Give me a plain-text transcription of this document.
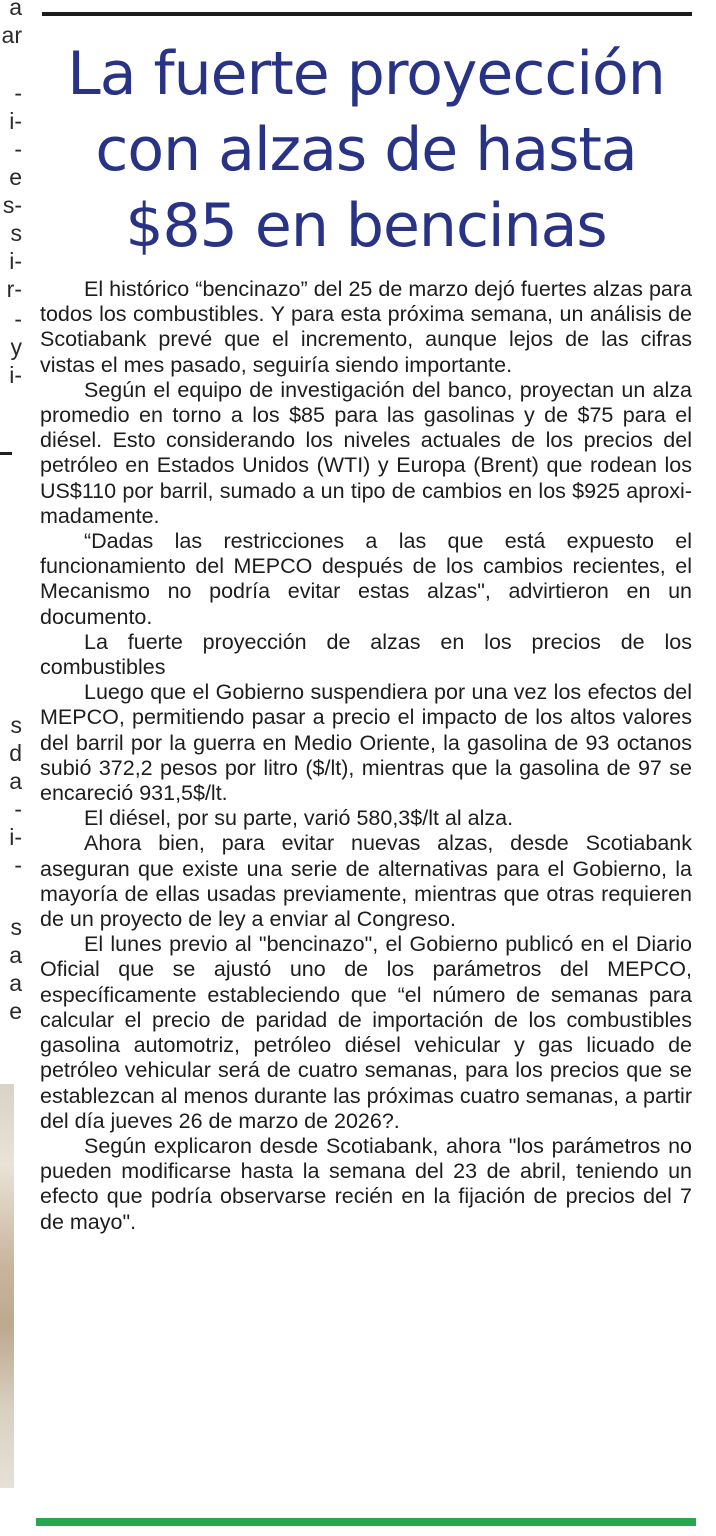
a
ar
-
i-
-
e
s-
s
i-
r-
-
y
i-
s
d
a
-
i-
-
s
a
a
e
La fuerte proyección
con alzas de hasta
$85 en bencinas

El histórico “bencinazo” del 25 de marzo dejó fuertes alzas para todos los combustibles. Y para esta próxima semana, un análisis de Scotiabank prevé que el incremento, aunque lejos de las cifras vistas el mes pasado, seguiría siendo importante.

Según el equipo de investigación del banco, proyectan un alza promedio en torno a los $85 para las gasolinas y de $75 para el diésel. Esto considerando los niveles actuales de los precios del petróleo en Estados Unidos (WTI) y Europa (Brent) que rodean los US$110 por barril, sumado a un tipo de cambios en los $925 aproximadamente.

“Dadas las restricciones a las que está expuesto el funcionamiento del MEPCO después de los cambios recientes, el Mecanismo no podría evitar estas alzas", advirtieron en un documento.

La fuerte proyección de alzas en los precios de los combustibles

Luego que el Gobierno suspendiera por una vez los efectos del MEPCO, permitiendo pasar a precio el impacto de los altos valores del barril por la guerra en Medio Oriente, la gasolina de 93 octanos subió 372,2 pesos por litro ($/lt), mientras que la gasolina de 97 se encareció 931,5$/lt.

El diésel, por su parte, varió 580,3$/lt al alza.

Ahora bien, para evitar nuevas alzas, desde Scotiabank aseguran que existe una serie de alternativas para el Gobierno, la mayoría de ellas usadas previamente, mientras que otras requieren de un proyecto de ley a enviar al Congreso.

El lunes previo al "bencinazo", el Gobierno publicó en el Diario Oficial que se ajustó uno de los parámetros del MEPCO, específicamente estableciendo que “el número de semanas para calcular el precio de paridad de importación de los combustibles gasolina automotriz, petróleo diésel vehicular y gas licuado de petróleo vehicular será de cuatro semanas, para los precios que se establezcan al menos durante las próximas cuatro semanas, a partir del día jueves 26 de marzo de 2026?.

Según explicaron desde Scotiabank, ahora "los parámetros no pueden modificarse hasta la semana del 23 de abril, teniendo un efecto que podría observarse recién en la fijación de precios del 7 de mayo".
